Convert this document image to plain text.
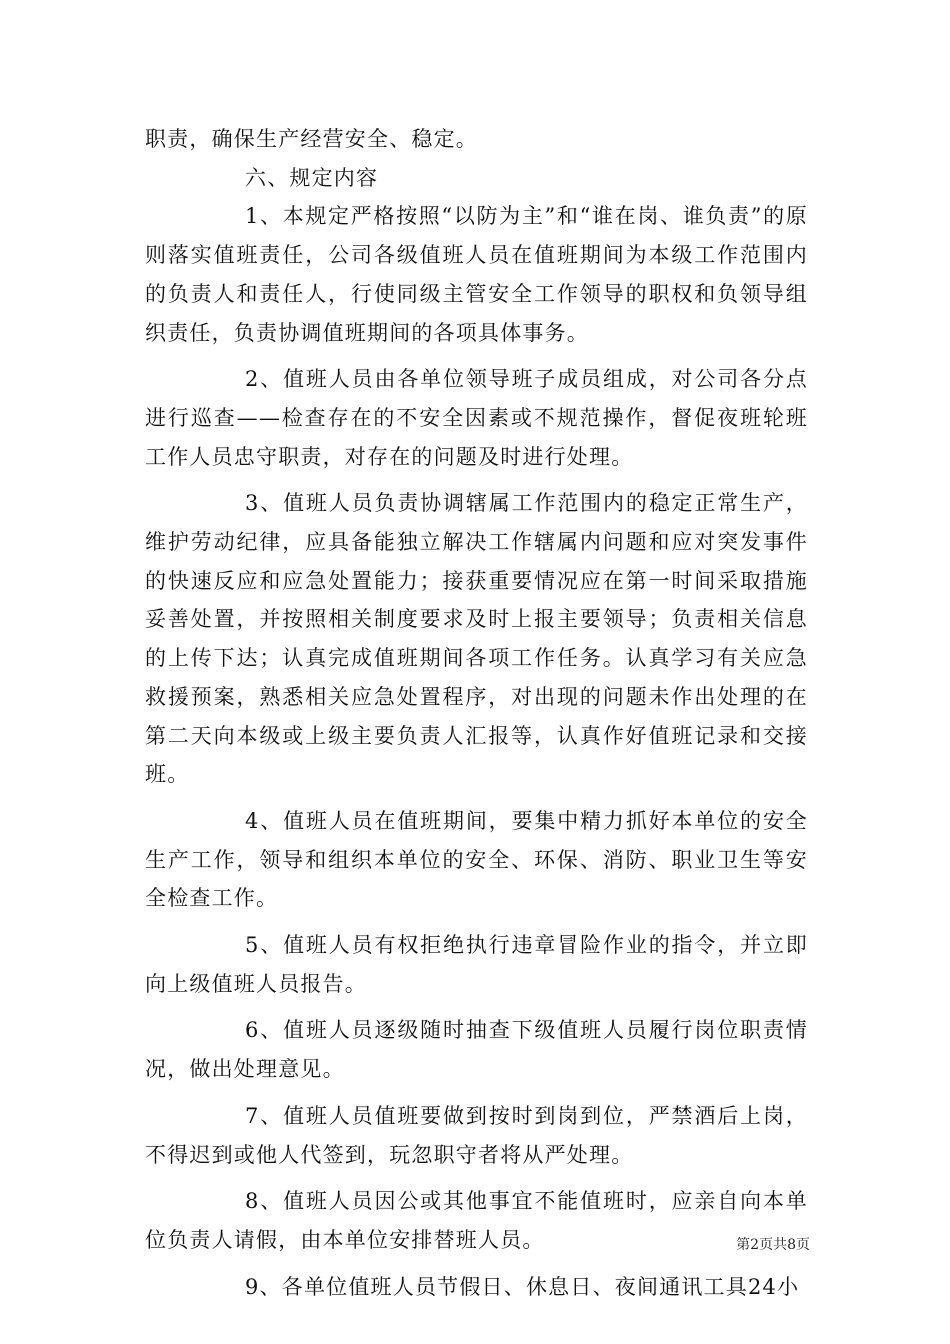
职责，确保生产经营安全、稳定。

六、规定内容

1、本规定严格按照“以防为主”和“谁在岗、谁负责”的原则落实值班责任，公司各级值班人员在值班期间为本级工作范围内的负责人和责任人，行使同级主管安全工作领导的职权和负领导组织责任，负责协调值班期间的各项具体事务。

2、值班人员由各单位领导班子成员组成，对公司各分点进行巡查——检查存在的不安全因素或不规范操作，督促夜班轮班工作人员忠守职责，对存在的问题及时进行处理。

3、值班人员负责协调辖属工作范围内的稳定正常生产，维护劳动纪律，应具备能独立解决工作辖属内问题和应对突发事件的快速反应和应急处置能力；接获重要情况应在第一时间采取措施妥善处置，并按照相关制度要求及时上报主要领导；负责相关信息的上传下达；认真完成值班期间各项工作任务。认真学习有关应急救援预案，熟悉相关应急处置程序，对出现的问题未作出处理的在第二天向本级或上级主要负责人汇报等，认真作好值班记录和交接班。

4、值班人员在值班期间，要集中精力抓好本单位的安全生产工作，领导和组织本单位的安全、环保、消防、职业卫生等安全检查工作。

5、值班人员有权拒绝执行违章冒险作业的指令，并立即向上级值班人员报告。

6、值班人员逐级随时抽查下级值班人员履行岗位职责情况，做出处理意见。

7、值班人员值班要做到按时到岗到位，严禁酒后上岗，不得迟到或他人代签到，玩忽职守者将从严处理。

8、值班人员因公或其他事宜不能值班时，应亲自向本单位负责人请假，由本单位安排替班人员。

9、各单位值班人员节假日、休息日、夜间通讯工具24小

第2页共8页
